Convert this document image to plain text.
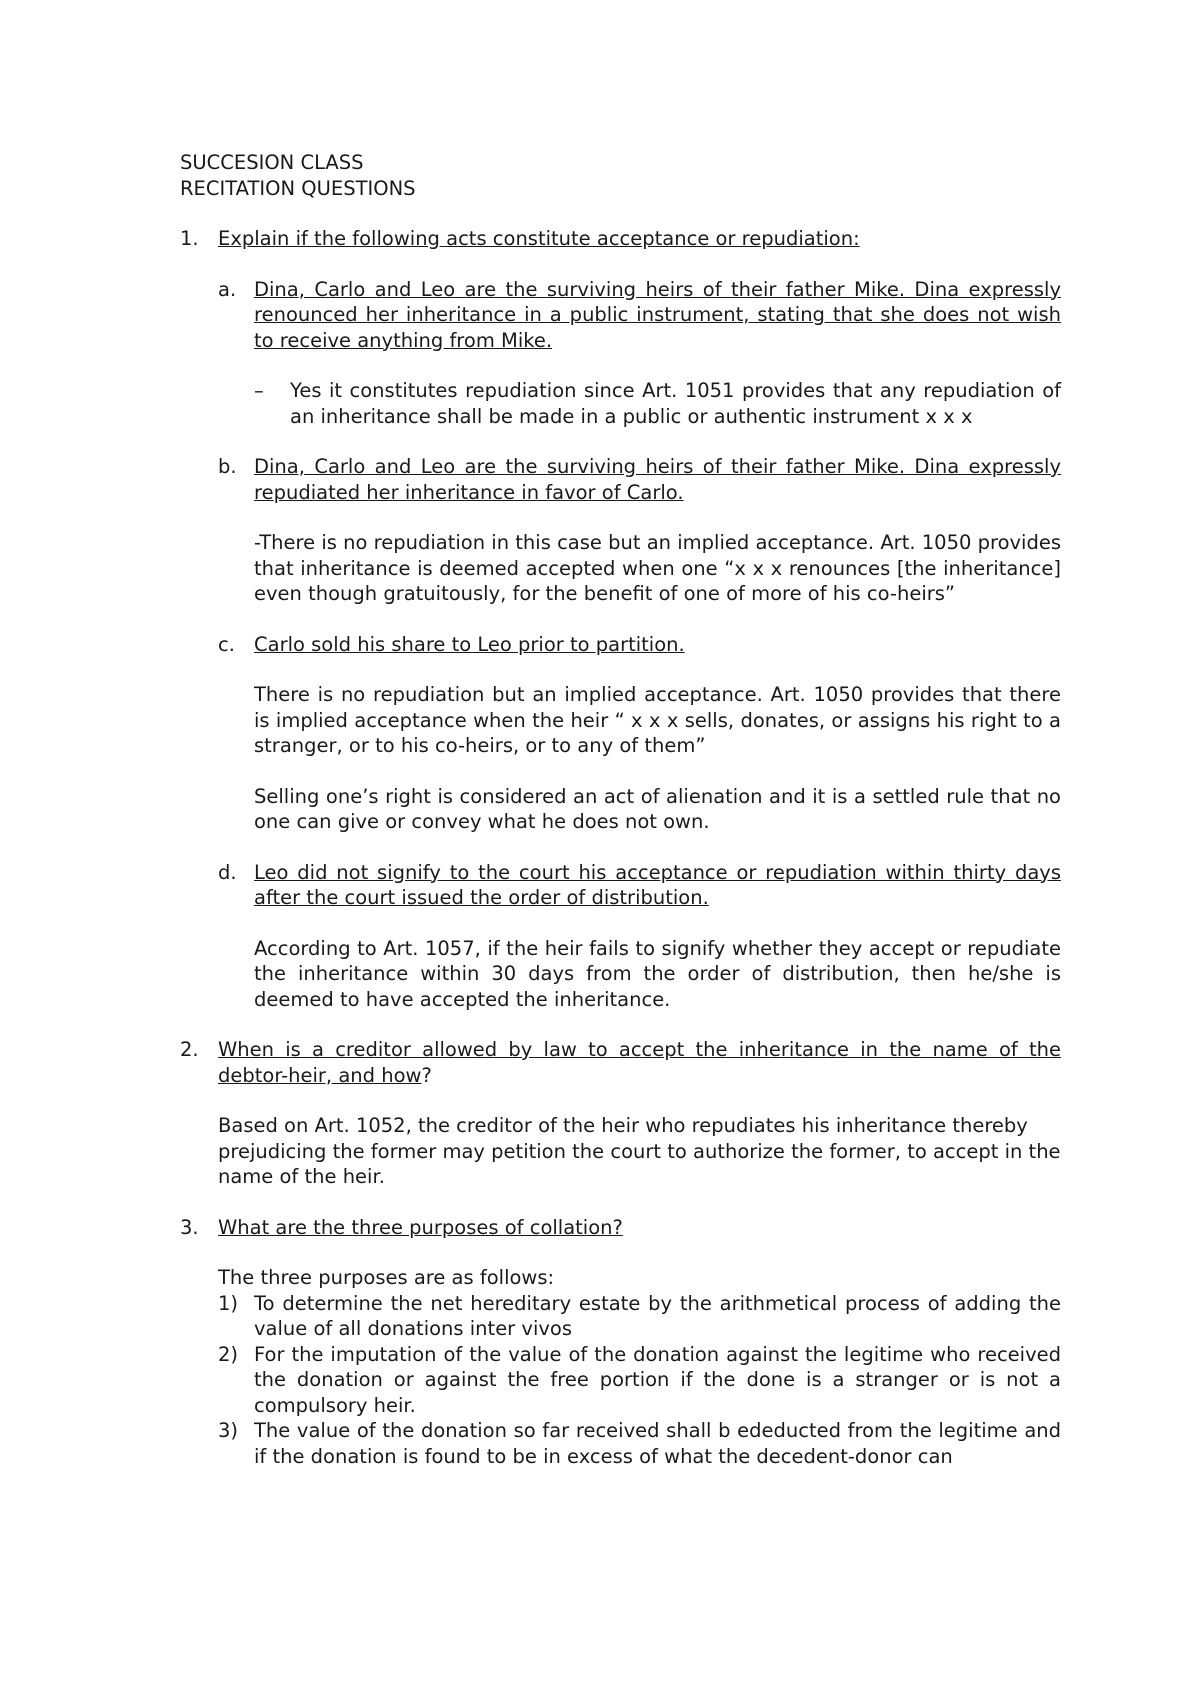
SUCCESION CLASS

RECITATION QUESTIONS

1. Explain if the following acts constitute acceptance or repudiation:
a. Dina, Carlo and Leo are the surviving heirs of their father Mike. Dina expressly renounced her inheritance in a public instrument, stating that she does not wish to receive anything from Mike.
–	Yes it constitutes repudiation since Art. 1051 provides that any repudiation of an inheritance shall be made in a public or authentic instrument x x x
b. Dina, Carlo and Leo are the surviving heirs of their father Mike. Dina expressly repudiated her inheritance in favor of Carlo.

-There is no repudiation in this case but an implied acceptance. Art. 1050 provides that inheritance is deemed accepted when one “x x x renounces [the inheritance] even though gratuitously, for the benefit of one of more of his co-heirs”

c. Carlo sold his share to Leo prior to partition.

There is no repudiation but an implied acceptance. Art. 1050 provides that there is implied acceptance when the heir “ x x x sells, donates, or assigns his right to a stranger, or to his co-heirs, or to any of them”

Selling one’s right is considered an act of alienation and it is a settled rule that no one can give or convey what he does not own.

d. Leo did not signify to the court his acceptance or repudiation within thirty days after the court issued the order of distribution.

According to Art. 1057, if the heir fails to signify whether they accept or repudiate the inheritance within 30 days from the order of distribution, then he/she is deemed to have accepted the inheritance.

2. When is a creditor allowed by law to accept the inheritance in the name of the debtor-heir, and how?

Based on Art. 1052, the creditor of the heir who repudiates his inheritance thereby prejudicing the former may petition the court to authorize the former, to accept in the name of the heir.

3. What are the three purposes of collation?

The three purposes are as follows:

1) To determine the net hereditary estate by the arithmetical process of adding the value of all donations inter vivos
2) For the imputation of the value of the donation against the legitime who received the donation or against the free portion if the done is a stranger or is not a compulsory heir.
3) The value of the donation so far received shall b ededucted from the legitime and if the donation is found to be in excess of what the decedent-donor can
